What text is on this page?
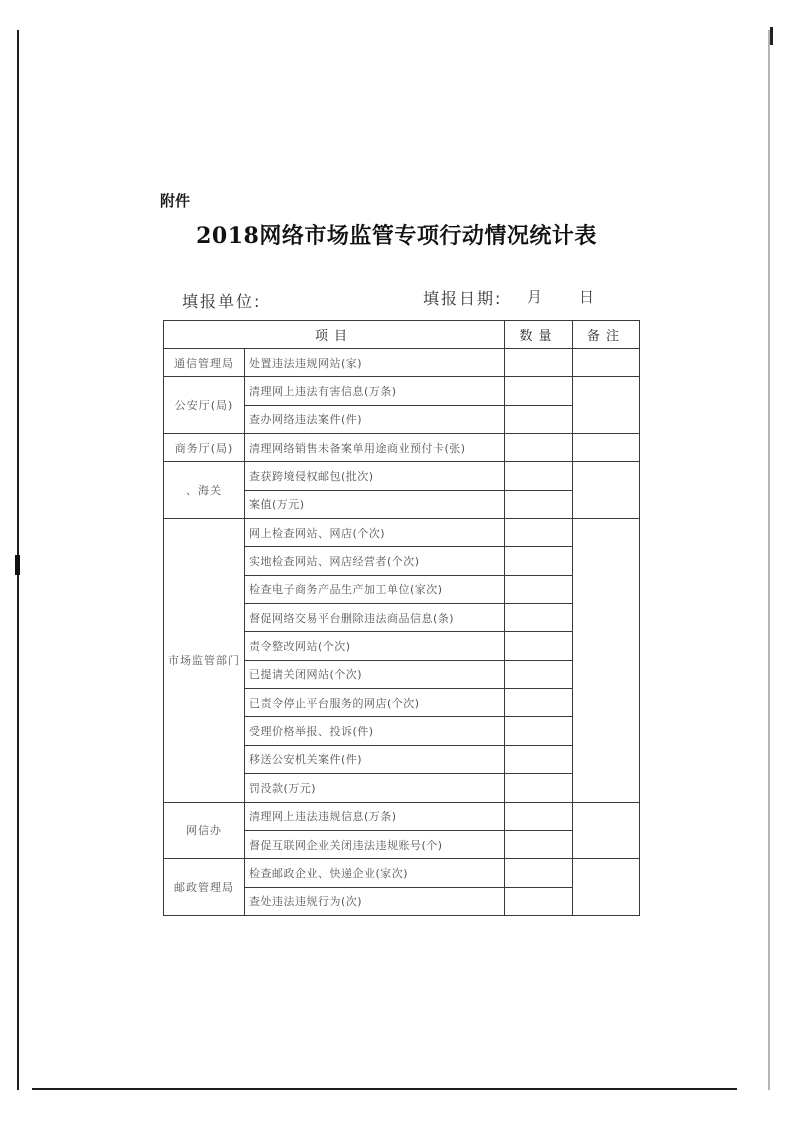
附件
2018网络市场监管专项行动情况统计表
填报单位:	填报日期: 月 日
项目		数量	备注
通信管理局	处置违法违规网站(家)		
公安厅(局)	清理网上违法有害信息(万条)		
	查办网络违法案件(件)		
商务厅(局)	清理网络销售未备案单用途商业预付卡(张)		
、海关	查获跨境侵权邮包(批次)		
	案值(万元)		
市场监管部门	网上检查网站、网店(个次)		
	实地检查网站、网店经营者(个次)		
	检查电子商务产品生产加工单位(家次)		
	督促网络交易平台删除违法商品信息(条)		
	责令整改网站(个次)		
	已提请关闭网站(个次)		
	已责令停止平台服务的网店(个次)		
	受理价格举报、投诉(件)		
	移送公安机关案件(件)		
	罚没款(万元)		
网信办	清理网上违法违规信息(万条)		
	督促互联网企业关闭违法违规账号(个)		
邮政管理局	检查邮政企业、快递企业(家次)		
	查处违法违规行为(次)		
